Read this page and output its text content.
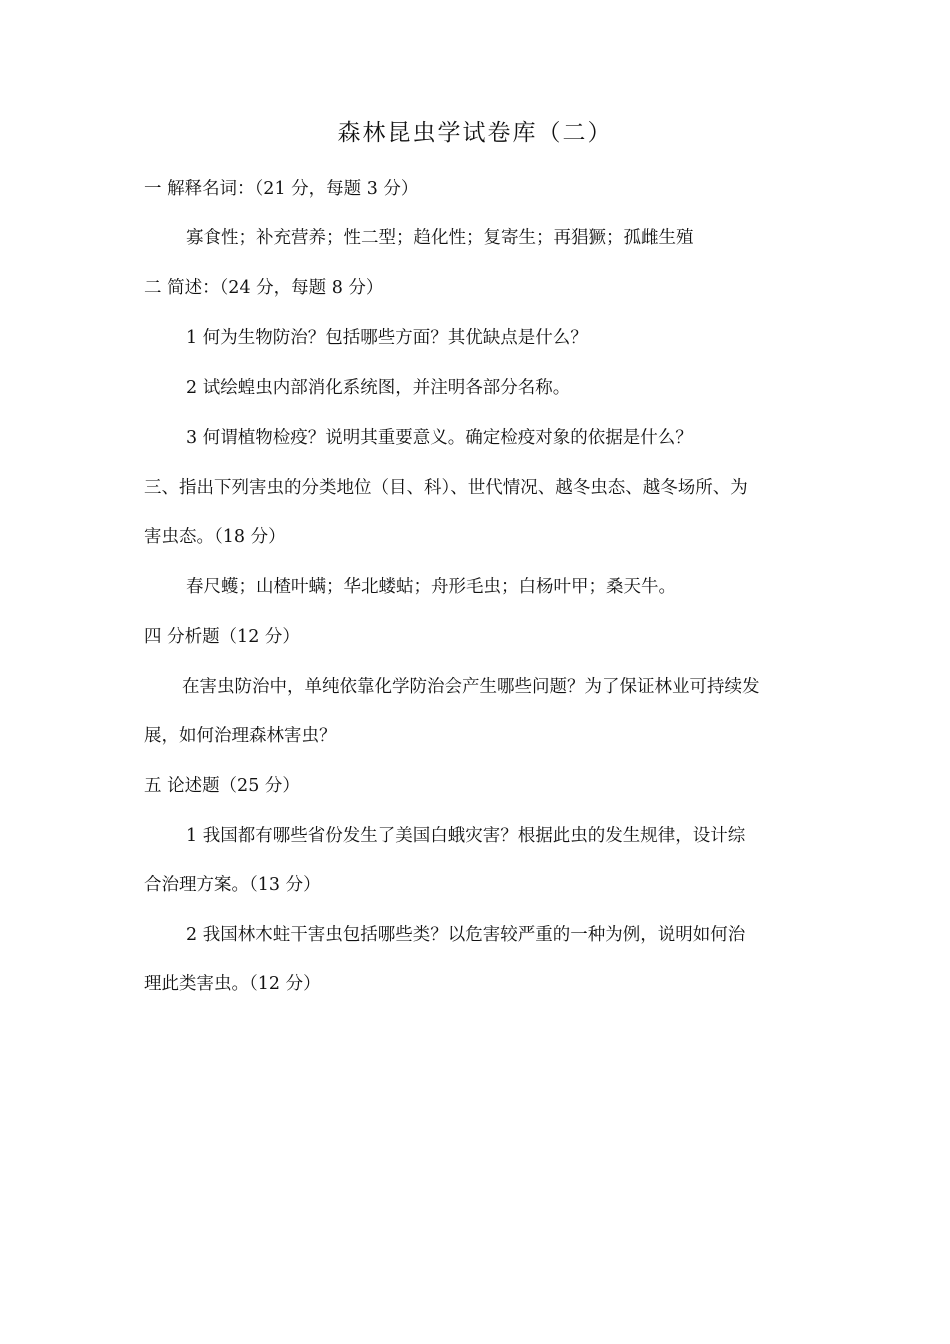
森林昆虫学试卷库（二）
一 解释名词：（21 分，每题 3 分）
寡食性；补充营养；性二型；趋化性；复寄生；再猖獗；孤雌生殖
二 简述：（24 分，每题 8 分）
1 何为生物防治？包括哪些方面？其优缺点是什么？
2 试绘蝗虫内部消化系统图，并注明各部分名称。
3 何谓植物检疫？说明其重要意义。确定检疫对象的依据是什么？
三、指出下列害虫的分类地位（目、科）、世代情况、越冬虫态、越冬场所、为
害虫态。（18 分）
春尺蠖；山楂叶螨；华北蝼蛄；舟形毛虫；白杨叶甲；桑天牛。
四 分析题（12 分）
在害虫防治中，单纯依靠化学防治会产生哪些问题？为了保证林业可持续发
展，如何治理森林害虫？
五 论述题（25 分）
1 我国都有哪些省份发生了美国白蛾灾害？根据此虫的发生规律，设计综
合治理方案。（13 分）
2 我国林木蛀干害虫包括哪些类？以危害较严重的一种为例，说明如何治
理此类害虫。（12 分）
